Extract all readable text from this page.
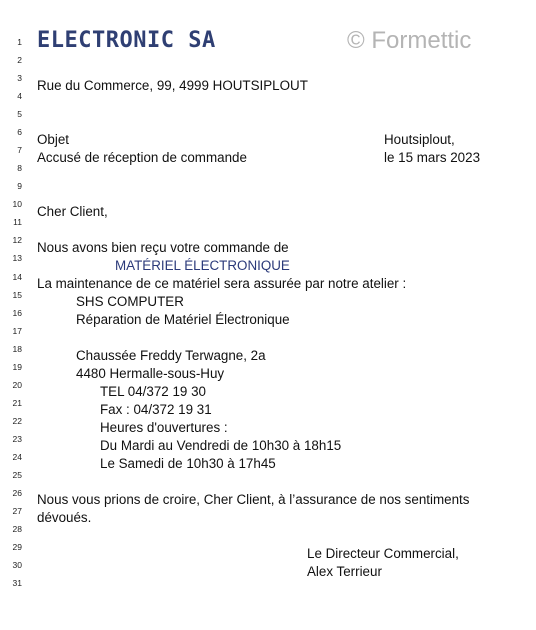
1
2
3
4
5
6
7
8
9
10
11
12
13
14
15
16
17
18
19
20
21
22
23
24
25
26
27
28
29
30
31
ELECTRONIC SA	© Formettic
Rue du Commerce, 99, 4999 HOUTSIPLOUT
Objet	Houtsiplout,
Accusé de réception de commande	le 15 mars 2023
Cher Client,
Nous avons bien reçu votre commande de
MATÉRIEL ÉLECTRONIQUE
La maintenance de ce matériel sera assurée par notre atelier :
SHS COMPUTER
Réparation de Matériel Électronique
Chaussée Freddy Terwagne, 2a
4480 Hermalle-sous-Huy
TEL 04/372 19 30
Fax : 04/372 19 31
Heures d'ouvertures :
Du Mardi au Vendredi de 10h30 à 18h15
Le Samedi de 10h30 à 17h45
Nous vous prions de croire, Cher Client, à l’assurance de nos sentiments
dévoués.
Le Directeur Commercial,
Alex Terrieur
